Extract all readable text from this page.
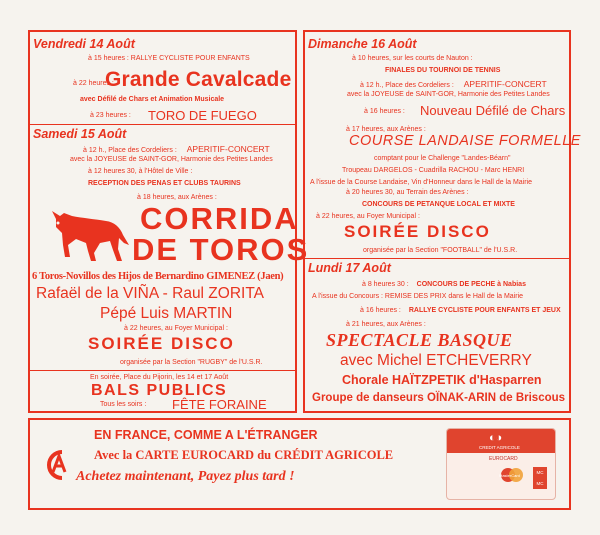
Vendredi 14 Août
à 15 heures : RALLYE CYCLISTE POUR ENFANTS
à 22 heures :
Grande Cavalcade
avec Défilé de Chars et Animation Musicale
à 23 heures : TORO DE FUEGO
Samedi 15 Août
à 12 h., Place des Cordeliers : APERITIF-CONCERT
avec la JOYEUSE de SAINT-GOR, Harmonie des Petites Landes
à 12 heures 30, à l'Hôtel de Ville :
RECEPTION DES PENAS ET CLUBS TAURINS
à 18 heures, aux Arènes :
CORRIDA
DE TOROS
6 Toros-Novillos des Hijos de Bernardino GIMENEZ (Jaen)
Rafaël de la VIÑA - Raul ZORITA
Pépé Luis MARTIN
à 22 heures, au Foyer Municipal :
SOIRÉE DISCO
organisée par la Section "RUGBY" de l'U.S.R.
En soirée, Place du Pijorin, les 14 et 17 Août
BALS PUBLICS
Tous les soirs : FÊTE FORAINE
Dimanche 16 Août
à 10 heures, sur les courts de Nauton :
FINALES DU TOURNOI DE TENNIS
à 12 h., Place des Cordeliers : APERITIF-CONCERT
avec la JOYEUSE de SAINT-GOR, Harmonie des Petites Landes
à 16 heures : Nouveau Défilé de Chars
à 17 heures, aux Arènes :
COURSE LANDAISE FORMELLE
comptant pour le Challenge "Landes-Béarn"
Troupeau DARGELOS - Cuadrilla RACHOU - Marc HENRI
A l'issue de la Course Landaise, Vin d'Honneur dans le Hall de la Mairie
à 20 heures 30, au Terrain des Arènes :
CONCOURS DE PETANQUE LOCAL ET MIXTE
à 22 heures, au Foyer Municipal :
SOIRÉE DISCO
organisée par la Section "FOOTBALL" de l'U.S.R.
Lundi 17 Août
à 8 heures 30 : CONCOURS DE PECHE à Nabias
A l'issue du Concours : REMISE DES PRIX dans le Hall de la Mairie
à 16 heures : RALLYE CYCLISTE POUR ENFANTS ET JEUX
à 21 heures, aux Arènes :
SPECTACLE BASQUE
avec Michel ETCHEVERRY
Chorale HAÏTZPETIK d'Hasparren
Groupe de danseurs OÏNAK-ARIN de Briscous
EN FRANCE, COMME A L'ÉTRANGER
Avec la CARTE EUROCARD du CRÉDIT AGRICOLE
Achetez maintenant, Payez plus tard !
◐◑
CREDIT AGRICOLE
EUROCARD
MasterCard
MC
MC
